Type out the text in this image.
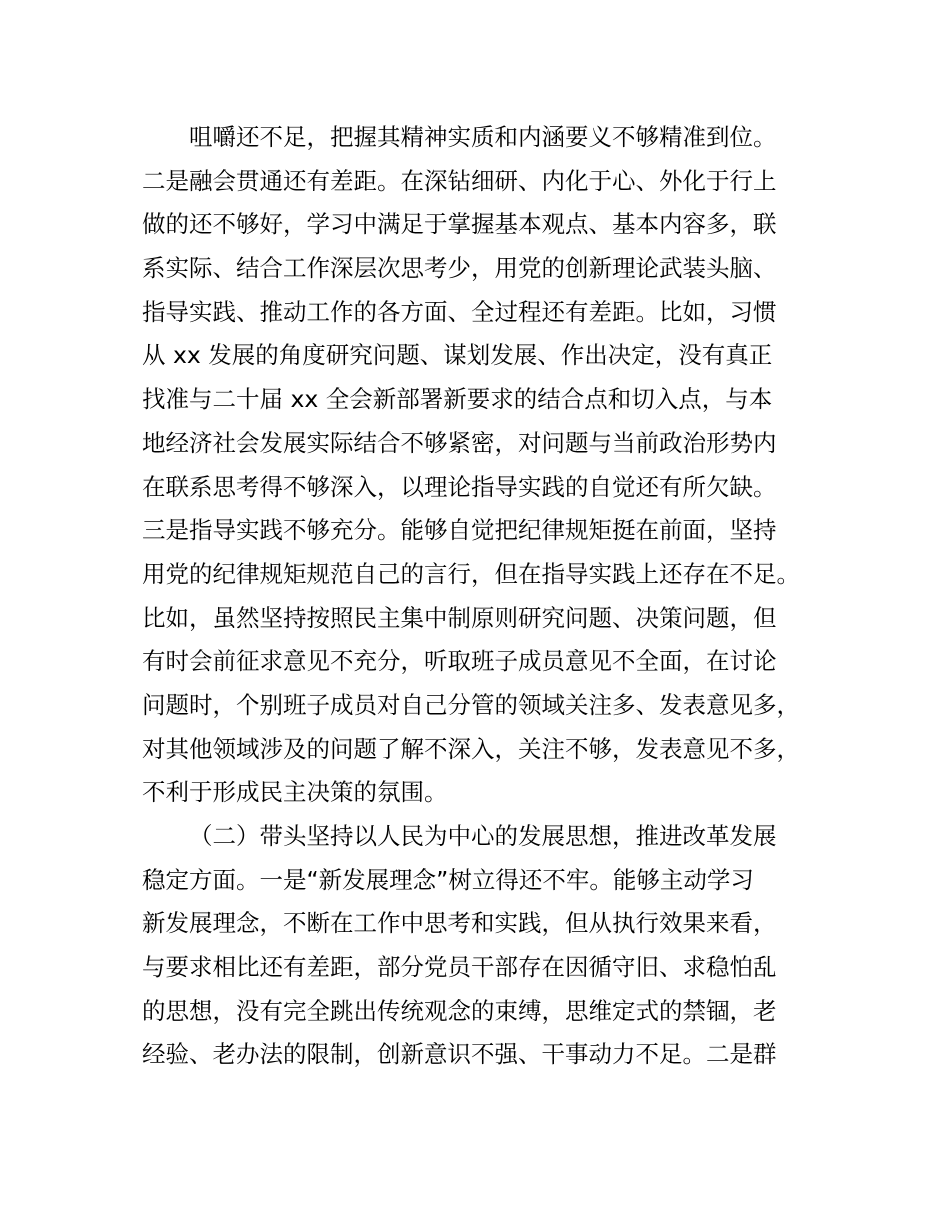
咀嚼还不足，把握其精神实质和内涵要义不够精准到位。
二是融会贯通还有差距。在深钻细研、内化于心、外化于行上
做的还不够好，学习中满足于掌握基本观点、基本内容多，联
系实际、结合工作深层次思考少，用党的创新理论武装头脑、
指导实践、推动工作的各方面、全过程还有差距。比如，习惯
从 xx 发展的角度研究问题、谋划发展、作出决定，没有真正
找准与二十届 xx 全会新部署新要求的结合点和切入点，与本
地经济社会发展实际结合不够紧密，对问题与当前政治形势内
在联系思考得不够深入，以理论指导实践的自觉还有所欠缺。
三是指导实践不够充分。能够自觉把纪律规矩挺在前面，坚持
用党的纪律规矩规范自己的言行，但在指导实践上还存在不足。
比如，虽然坚持按照民主集中制原则研究问题、决策问题，但
有时会前征求意见不充分，听取班子成员意见不全面，在讨论
问题时，个别班子成员对自己分管的领域关注多、发表意见多，
对其他领域涉及的问题了解不深入，关注不够，发表意见不多，
不利于形成民主决策的氛围。
（二）带头坚持以人民为中心的发展思想，推进改革发展
稳定方面。一是“新发展理念”树立得还不牢。能够主动学习
新发展理念，不断在工作中思考和实践，但从执行效果来看，
与要求相比还有差距，部分党员干部存在因循守旧、求稳怕乱
的思想，没有完全跳出传统观念的束缚，思维定式的禁锢，老
经验、老办法的限制，创新意识不强、干事动力不足。二是群
